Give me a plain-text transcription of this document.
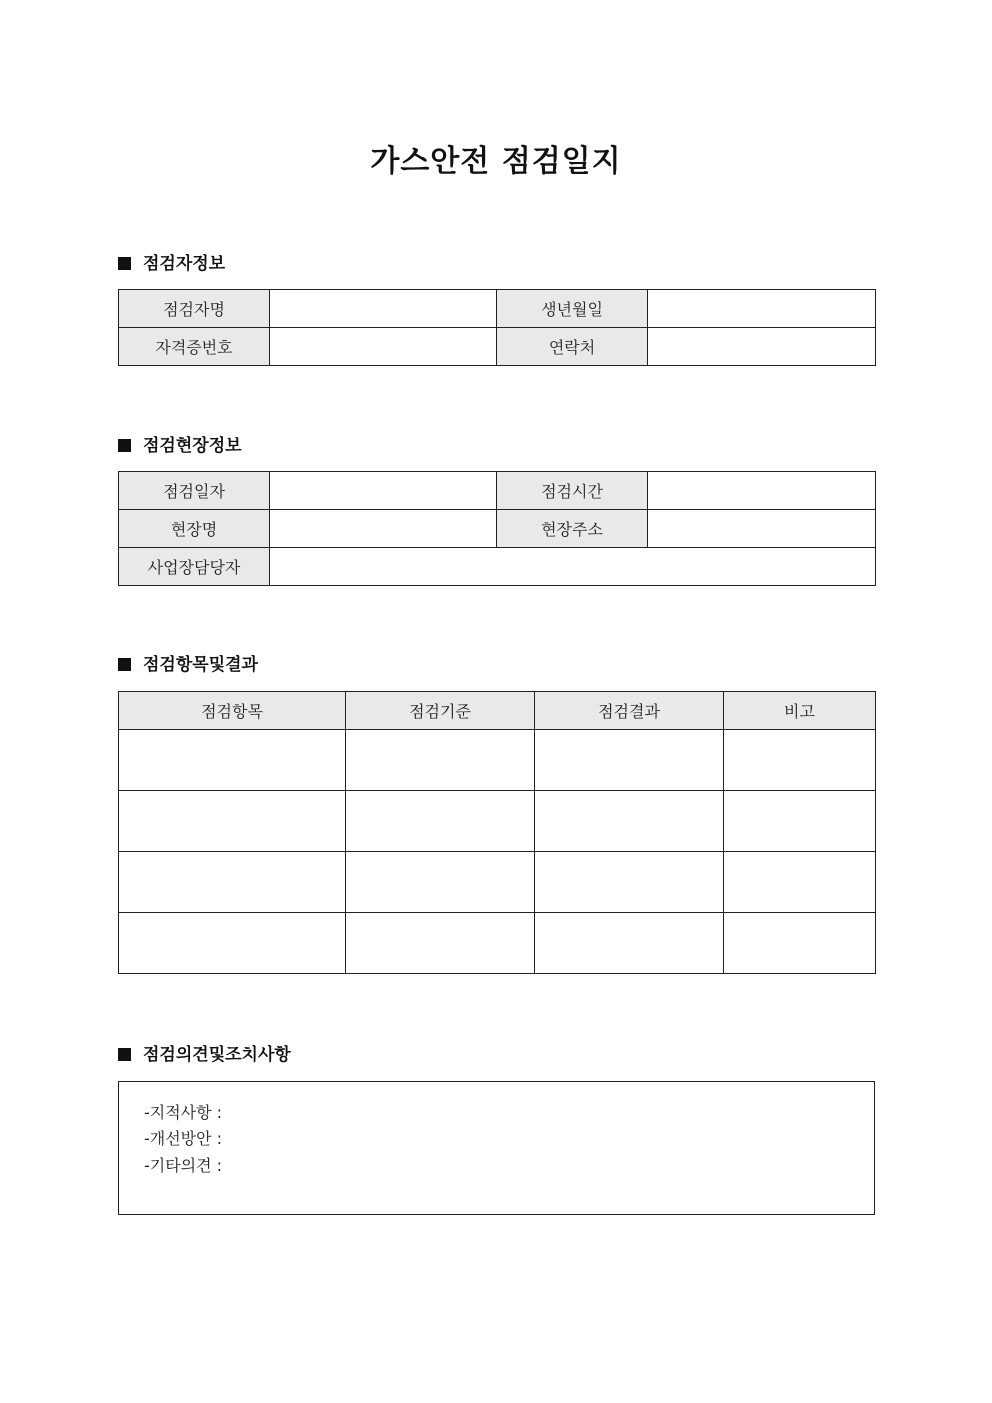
가스안전 점검일지
점검자정보
점검자명		생년월일	
자격증번호		연락처	
점검현장정보
점검일자		점검시간	
현장명		현장주소	
사업장담당자			
점검항목및결과
점검항목	점검기준	점검결과	비고

점검의견및조치사항
-지적사항 :
-개선방안 :
-기타의견 :
